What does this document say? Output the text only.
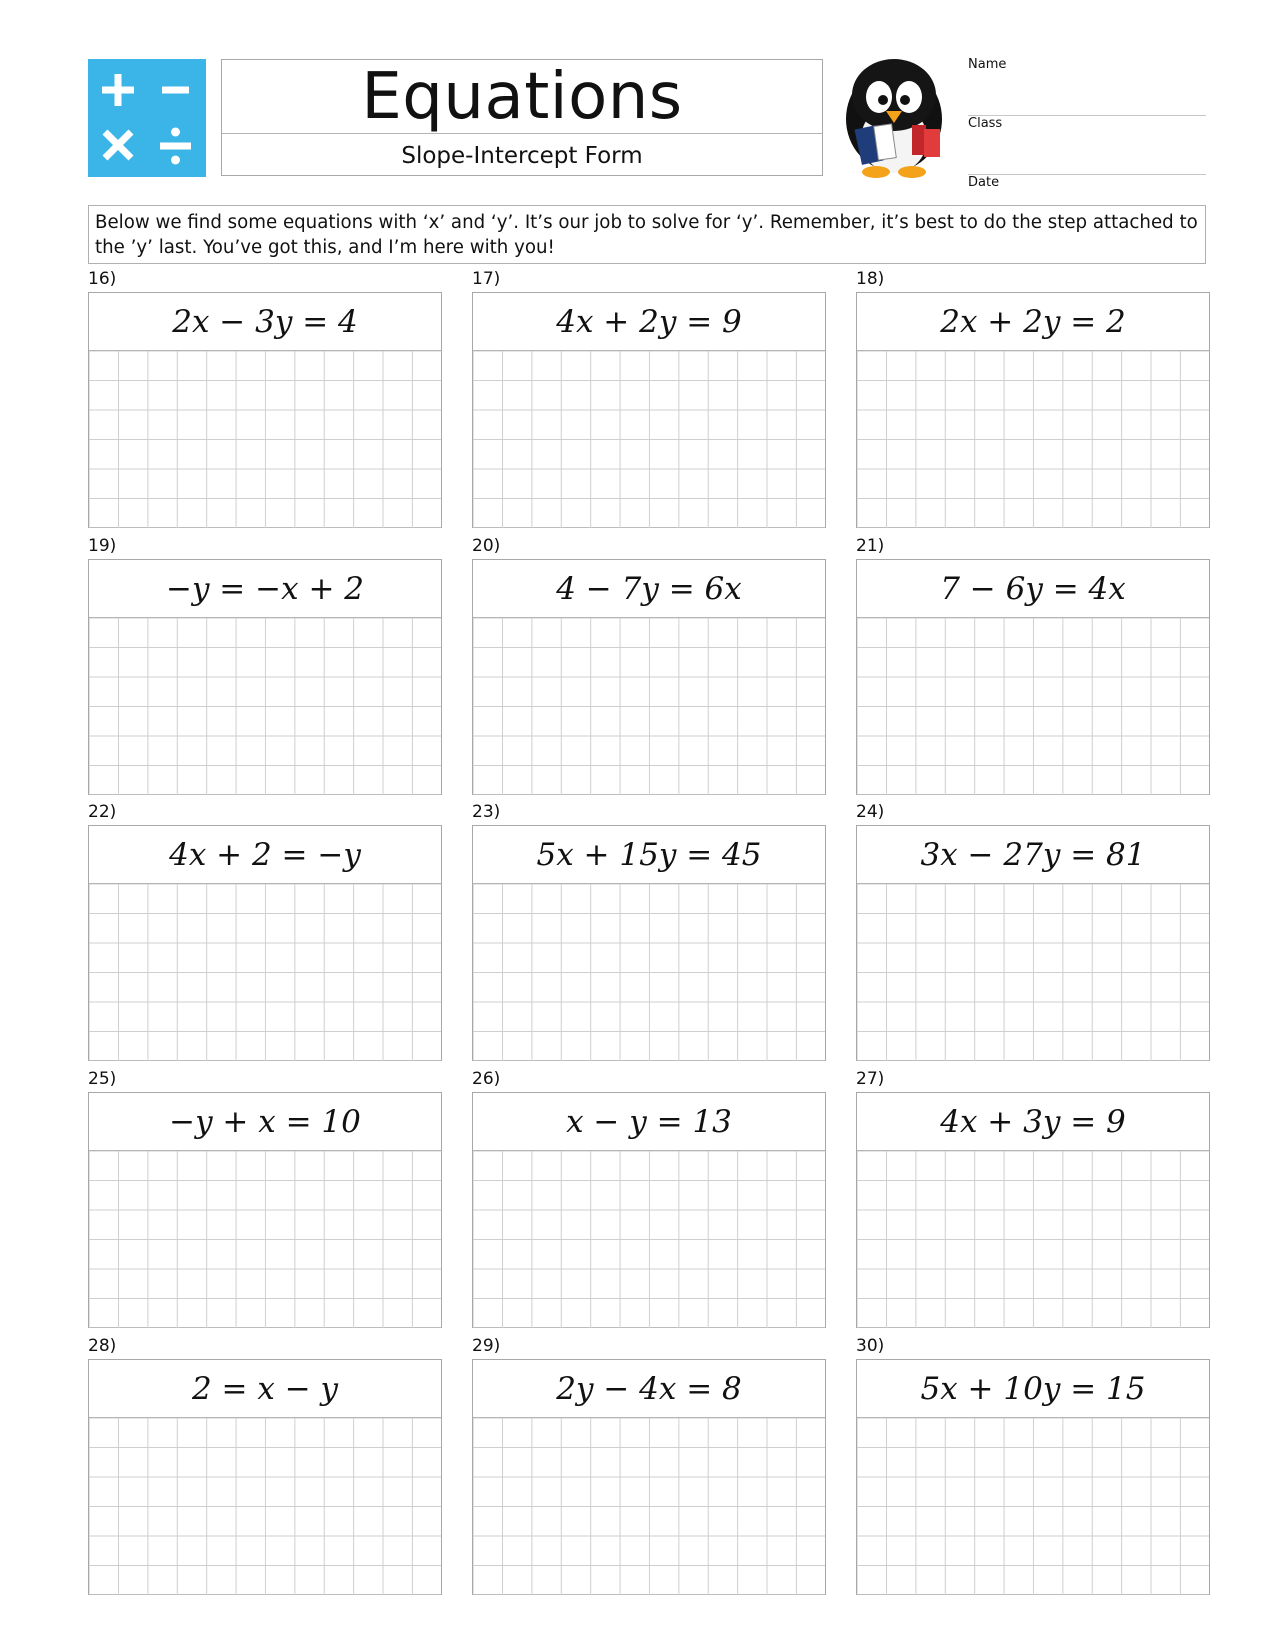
Equations
Slope-Intercept Form
Name
Class
Date
Below we find some equations with ‘x’ and ‘y’. It’s our job to solve for ‘y’. Remember, it’s best to do the step attached to the ’y’ last. You’ve got this, and I’m here with you!
16)
2x − 3y = 4
17)
4x + 2y = 9
18)
2x + 2y = 2
19)
−y = −x + 2
20)
4 − 7y = 6x
21)
7 − 6y = 4x
22)
4x + 2 = −y
23)
5x + 15y = 45
24)
3x − 27y = 81
25)
−y + x = 10
26)
x − y = 13
27)
4x + 3y = 9
28)
2 = x − y
29)
2y − 4x = 8
30)
5x + 10y = 15
